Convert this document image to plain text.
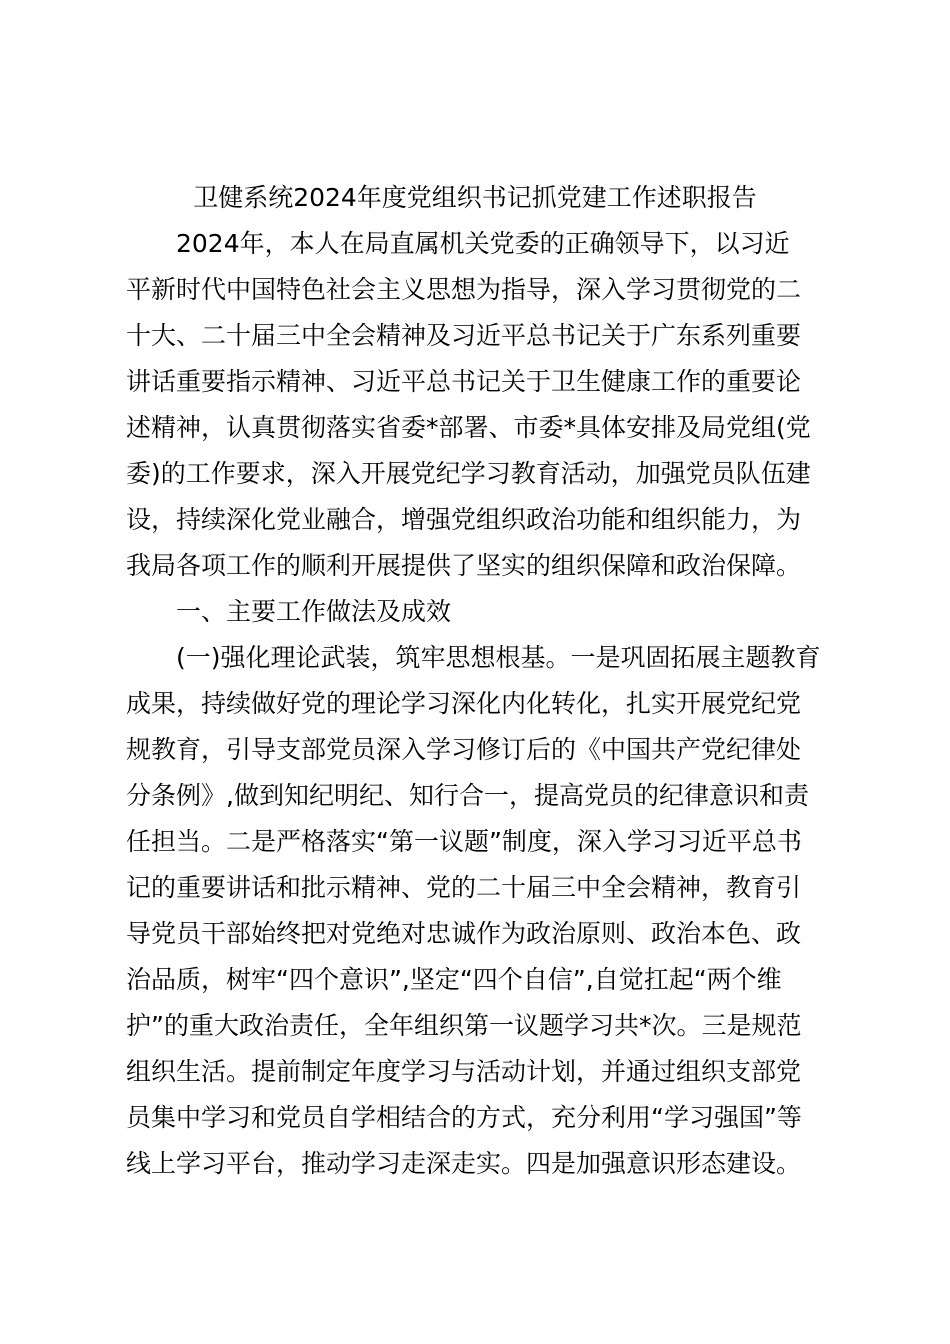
卫健系统2024年度党组织书记抓党建工作述职报告
2024年，本人在局直属机关党委的正确领导下，以习近
平新时代中国特色社会主义思想为指导，深入学习贯彻党的二
十大、二十届三中全会精神及习近平总书记关于广东系列重要
讲话重要指示精神、习近平总书记关于卫生健康工作的重要论
述精神，认真贯彻落实省委*部署、市委*具体安排及局党组(党
委)的工作要求，深入开展党纪学习教育活动，加强党员队伍建
设，持续深化党业融合，增强党组织政治功能和组织能力，为
我局各项工作的顺利开展提供了坚实的组织保障和政治保障。
一、主要工作做法及成效
(一)强化理论武装，筑牢思想根基。一是巩固拓展主题教育
成果，持续做好党的理论学习深化内化转化，扎实开展党纪党
规教育，引导支部党员深入学习修订后的《中国共产党纪律处
分条例》,做到知纪明纪、知行合一，提高党员的纪律意识和责
任担当。二是严格落实“第一议题”制度，深入学习习近平总书
记的重要讲话和批示精神、党的二十届三中全会精神，教育引
导党员干部始终把对党绝对忠诚作为政治原则、政治本色、政
治品质，树牢“四个意识”,坚定“四个自信”,自觉扛起“两个维
护”的重大政治责任，全年组织第一议题学习共*次。三是规范
组织生活。提前制定年度学习与活动计划，并通过组织支部党
员集中学习和党员自学相结合的方式，充分利用“学习强国”等
线上学习平台，推动学习走深走实。四是加强意识形态建设。
